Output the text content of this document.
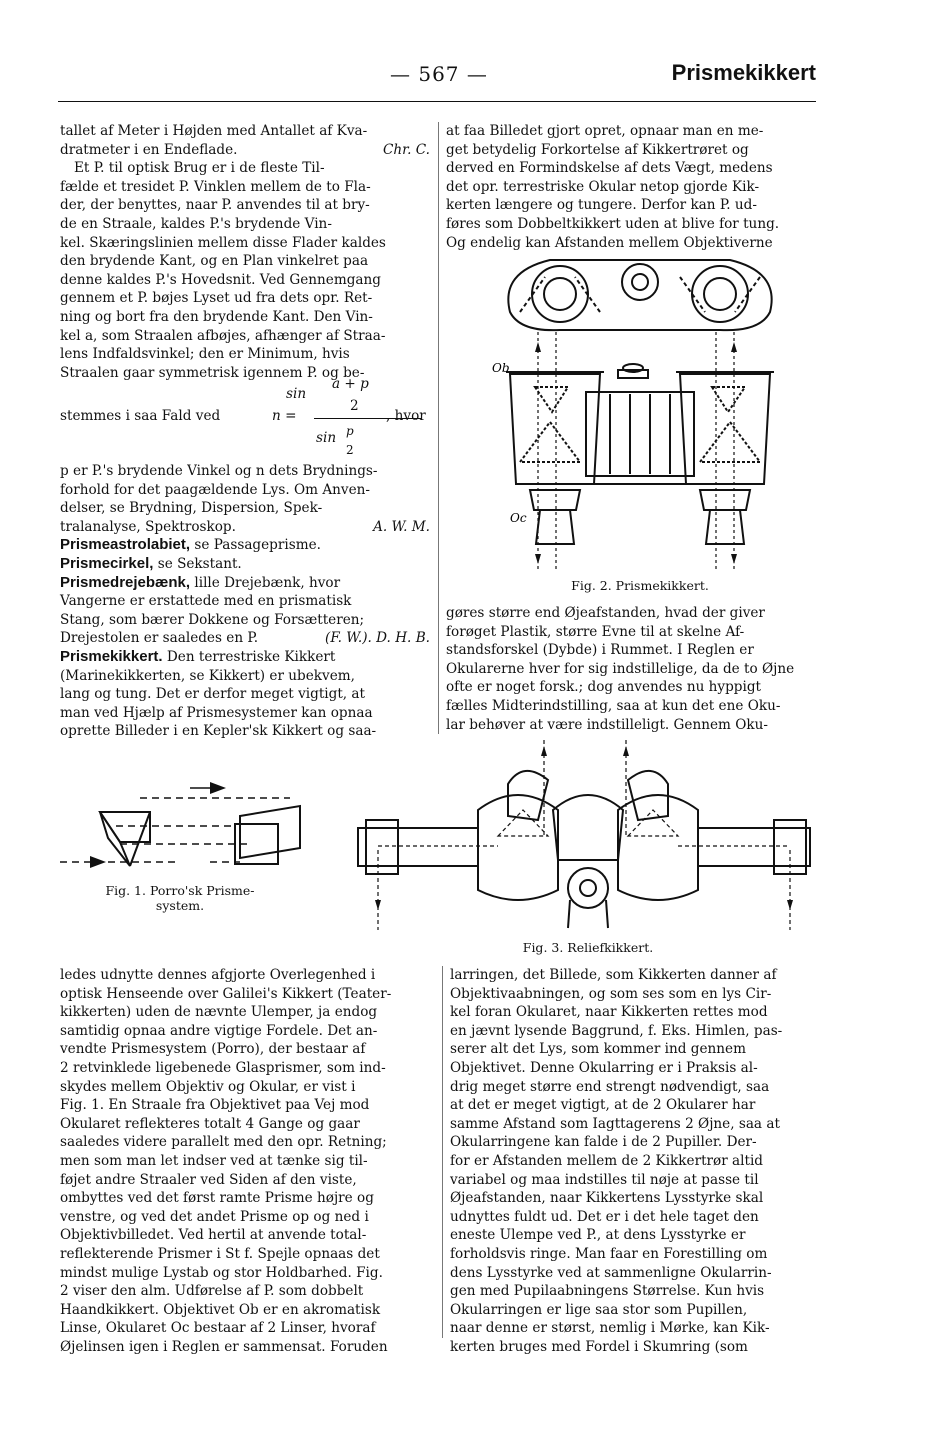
— 567 —	Prismekikkert
tallet af Meter i Højden med Antallet af Kva-
dratmeter i en Endeflade.	Chr. C.
Et P. til optisk Brug er i de fleste Til-
fælde et tresidet P. Vinklen mellem de to Fla-
der, der benyttes, naar P. anvendes til at bry-
de en Straale, kaldes P.'s brydende Vin-
kel. Skæringslinien mellem disse Flader kaldes
den brydende Kant, og en Plan vinkelret paa
denne kaldes P.'s Hovedsnit. Ved Gennemgang
gennem et P. bøjes Lyset ud fra dets opr. Ret-
ning og bort fra den brydende Kant. Den Vin-
kel a, som Straalen afbøjes, afhænger af Straa-
lens Indfaldsvinkel; den er Minimum, hvis
Straalen gaar symmetrisk igennem P. og be-
sin
a + p
2
stemmes i saa Fald ved	n =	, hvor
sin p
2
p er P.'s brydende Vinkel og n dets Brydnings-
forhold for det paagældende Lys. Om Anven-
delser, se Brydning, Dispersion, Spek-
tralanalyse, Spektroskop.	A. W. M.
Prismeastrolabiet, se Passageprisme.
Prismecirkel, se Sekstant.
Prismedrejebænk, lille Drejebænk, hvor
Vangerne er erstattede med en prismatisk
Stang, som bærer Dokkene og Forsætteren;
Drejestolen er saaledes en P.	(F. W.). D. H. B.
Prismekikkert. Den terrestriske Kikkert
(Marinekikkerten, se Kikkert) er ubekvem,
lang og tung. Det er derfor meget vigtigt, at
man ved Hjælp af Prismesystemer kan opnaa
oprette Billeder i en Kepler'sk Kikkert og saa-
at faa Billedet gjort opret, opnaar man en me-
get betydelig Forkortelse af Kikkertrøret og
derved en Formindskelse af dets Vægt, medens
det opr. terrestriske Okular netop gjorde Kik-
kerten længere og tungere. Derfor kan P. ud-
føres som Dobbeltkikkert uden at blive for tung.
Og endelig kan Afstanden mellem Objektiverne
Ob
Oc
Fig. 2. Prismekikkert.
gøres større end Øjeafstanden, hvad der giver
forøget Plastik, større Evne til at skelne Af-
standsforskel (Dybde) i Rummet. I Reglen er
Okularerne hver for sig indstillelige, da de to Øjne
ofte er noget forsk.; dog anvendes nu hyppigt
fælles Midterindstilling, saa at kun det ene Oku-
lar behøver at være indstilleligt. Gennem Oku-
Fig. 1. Porro'sk Prisme-
system.
Fig. 3. Reliefkikkert.
ledes udnytte dennes afgjorte Overlegenhed i
optisk Henseende over Galilei's Kikkert (Teater-
kikkerten) uden de nævnte Ulemper, ja endog
samtidig opnaa andre vigtige Fordele. Det an-
vendte Prismesystem (Porro), der bestaar af
2 retvinklede ligebenede Glasprismer, som ind-
skydes mellem Objektiv og Okular, er vist i
Fig. 1. En Straale fra Objektivet paa Vej mod
Okularet reflekteres totalt 4 Gange og gaar
saaledes videre parallelt med den opr. Retning;
men som man let indser ved at tænke sig til-
føjet andre Straaler ved Siden af den viste,
ombyttes ved det først ramte Prisme højre og
venstre, og ved det andet Prisme op og ned i
Objektivbilledet. Ved hertil at anvende total-
reflekterende Prismer i St f. Spejle opnaas det
mindst mulige Lystab og stor Holdbarhed. Fig.
2 viser den alm. Udførelse af P. som dobbelt
Haandkikkert. Objektivet Ob er en akromatisk
Linse, Okularet Oc bestaar af 2 Linser, hvoraf
Øjelinsen igen i Reglen er sammensat. Foruden
larringen, det Billede, som Kikkerten danner af
Objektivaabningen, og som ses som en lys Cir-
kel foran Okularet, naar Kikkerten rettes mod
en jævnt lysende Baggrund, f. Eks. Himlen, pas-
serer alt det Lys, som kommer ind gennem
Objektivet. Denne Okularring er i Praksis al-
drig meget større end strengt nødvendigt, saa
at det er meget vigtigt, at de 2 Okularer har
samme Afstand som Iagttagerens 2 Øjne, saa at
Okularringene kan falde i de 2 Pupiller. Der-
for er Afstanden mellem de 2 Kikkertrør altid
variabel og maa indstilles til nøje at passe til
Øjeafstanden, naar Kikkertens Lysstyrke skal
udnyttes fuldt ud. Det er i det hele taget den
eneste Ulempe ved P., at dens Lysstyrke er
forholdsvis ringe. Man faar en Forestilling om
dens Lysstyrke ved at sammenligne Okularrin-
gen med Pupilaabningens Størrelse. Kun hvis
Okularringen er lige saa stor som Pupillen,
naar denne er størst, nemlig i Mørke, kan Kik-
kerten bruges med Fordel i Skumring (som
